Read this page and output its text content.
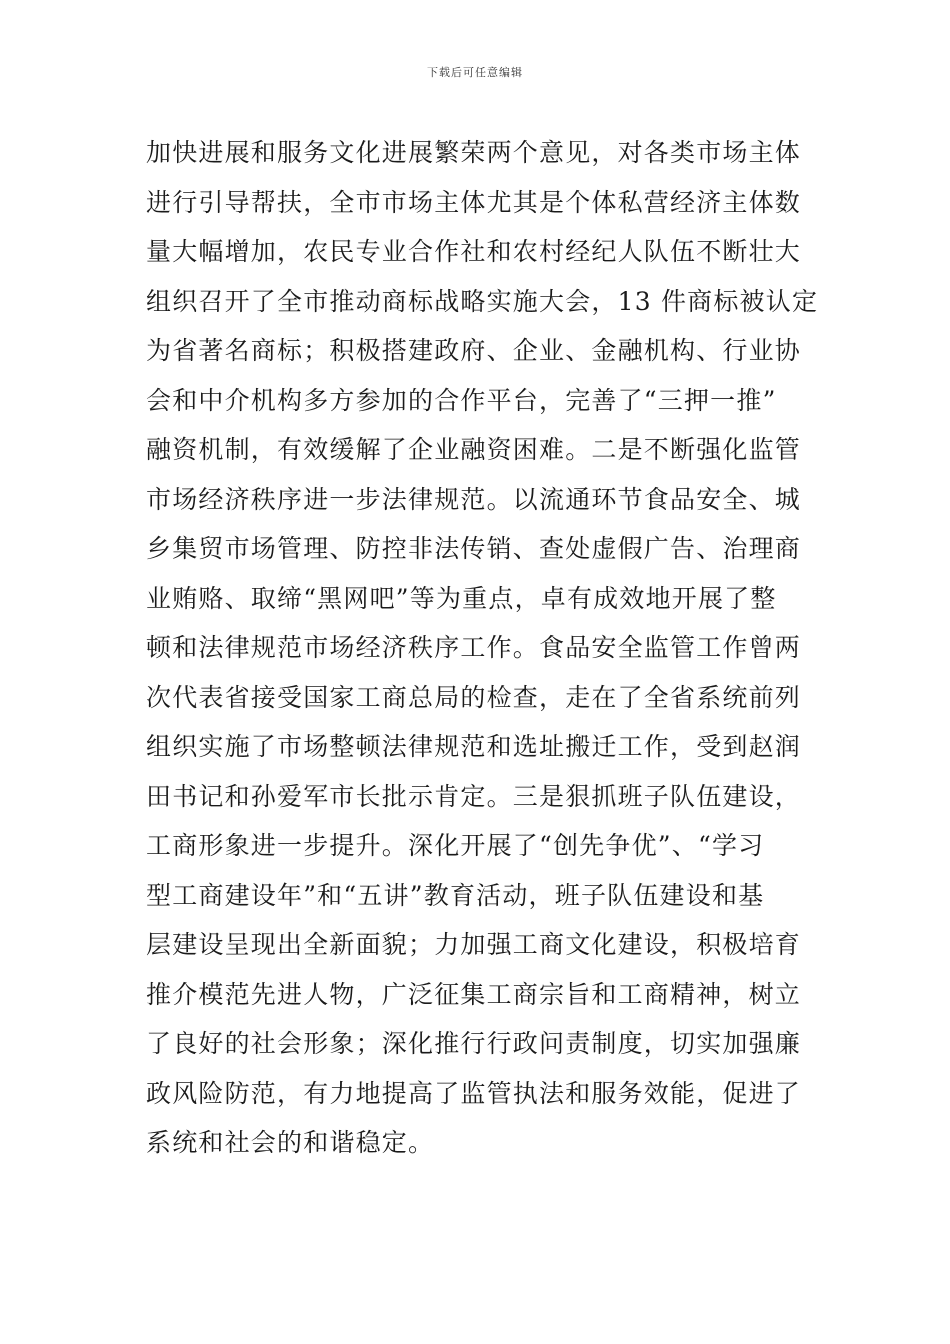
下载后可任意编辑
加快进展和服务文化进展繁荣两个意见，对各类市场主体
进行引导帮扶，全市市场主体尤其是个体私营经济主体数
量大幅增加，农民专业合作社和农村经纪人队伍不断壮大
组织召开了全市推动商标战略实施大会，13 件商标被认定
为省著名商标；积极搭建政府、企业、金融机构、行业协
会和中介机构多方参加的合作平台，完善了“三押一推”
融资机制，有效缓解了企业融资困难。二是不断强化监管
市场经济秩序进一步法律规范。以流通环节食品安全、城
乡集贸市场管理、防控非法传销、查处虚假广告、治理商
业贿赂、取缔“黑网吧”等为重点，卓有成效地开展了整
顿和法律规范市场经济秩序工作。食品安全监管工作曾两
次代表省接受国家工商总局的检查，走在了全省系统前列
组织实施了市场整顿法律规范和选址搬迁工作，受到赵润
田书记和孙爱军市长批示肯定。三是狠抓班子队伍建设，
工商形象进一步提升。深化开展了“创先争优”、“学习
型工商建设年”和“五讲”教育活动，班子队伍建设和基
层建设呈现出全新面貌；力加强工商文化建设，积极培育
推介模范先进人物，广泛征集工商宗旨和工商精神，树立
了良好的社会形象；深化推行行政问责制度，切实加强廉
政风险防范，有力地提高了监管执法和服务效能，促进了
系统和社会的和谐稳定。
